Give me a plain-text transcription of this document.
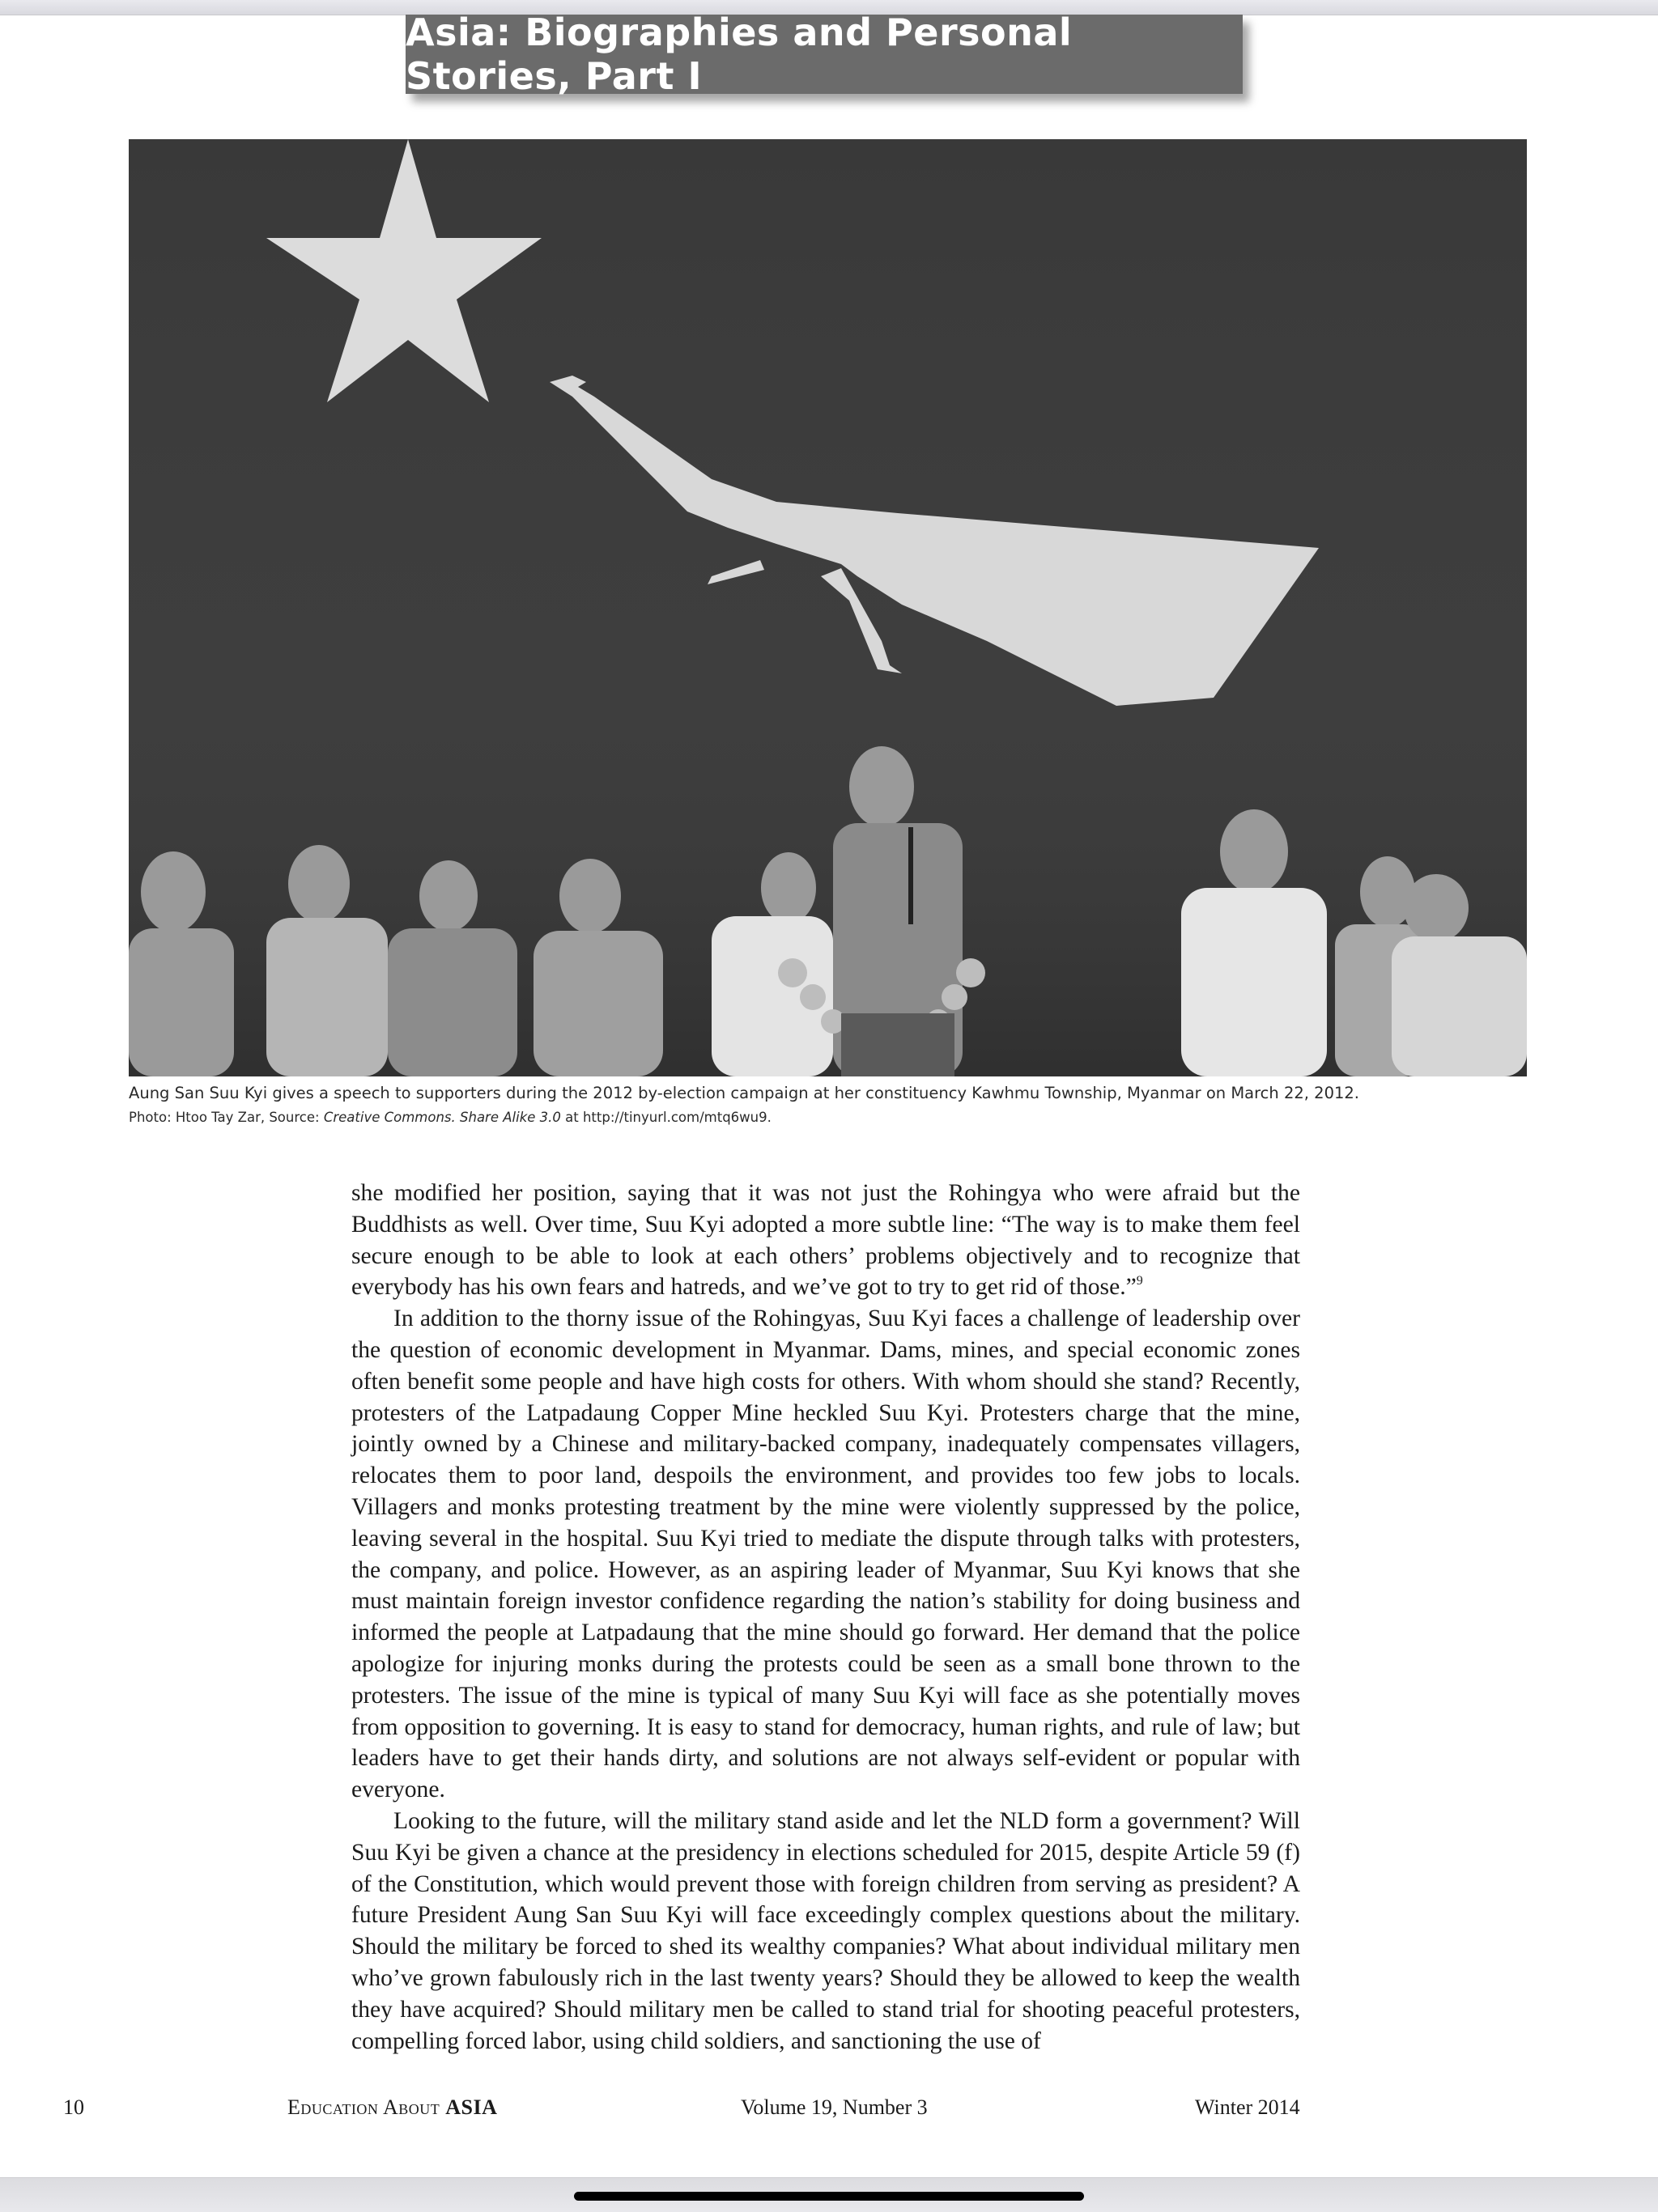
Asia: Biographies and Personal Stories, Part I
Aung San Suu Kyi gives a speech to supporters during the 2012 by-election campaign at her constituency Kawhmu Township, Myanmar on March 22, 2012.
Photo: Htoo Tay Zar, Source: Creative Commons. Share Alike 3.0 at http://tinyurl.com/mtq6wu9.

she modified her position, saying that it was not just the Rohingya who were afraid but the Buddhists as well. Over time, Suu Kyi adopted a more subtle line: “The way is to make them feel secure enough to be able to look at each others’ problems objectively and to recognize that everybody has his own fears and hatreds, and we’ve got to try to get rid of those.”$^9$

In addition to the thorny issue of the Rohingyas, Suu Kyi faces a challenge of leadership over the question of economic development in Myanmar. Dams, mines, and special economic zones often benefit some people and have high costs for others. With whom should she stand? Recently, protesters of the Latpadaung Copper Mine heckled Suu Kyi. Protesters charge that the mine, jointly owned by a Chinese and military-backed company, inadequately compensates villagers, relocates them to poor land, despoils the environment, and provides too few jobs to locals. Villagers and monks protesting treatment by the mine were violently suppressed by the police, leaving several in the hospital. Suu Kyi tried to mediate the dispute through talks with protesters, the company, and police. However, as an aspiring leader of Myanmar, Suu Kyi knows that she must maintain foreign investor confidence regarding the nation’s stability for doing business and informed the people at Latpadaung that the mine should go forward. Her demand that the police apologize for injuring monks during the protests could be seen as a small bone thrown to the protesters. The issue of the mine is typical of many Suu Kyi will face as she potentially moves from opposition to governing. It is easy to stand for democracy, human rights, and rule of law; but leaders have to get their hands dirty, and solutions are not always self-evident or popular with everyone.

Looking to the future, will the military stand aside and let the NLD form a government? Will Suu Kyi be given a chance at the presidency in elections scheduled for 2015, despite Article 59 (f) of the Constitution, which would prevent those with foreign children from serving as president? A future President Aung San Suu Kyi will face exceedingly complex questions about the military. Should the military be forced to shed its wealthy companies? What about individual military men who’ve grown fabulously rich in the last twenty years? Should they be allowed to keep the wealth they have acquired? Should military men be called to stand trial for shooting peaceful protesters, compelling forced labor, using child soldiers, and sanctioning the use of

10	Education About ASIA	Volume 19, Number 3	Winter 2014
